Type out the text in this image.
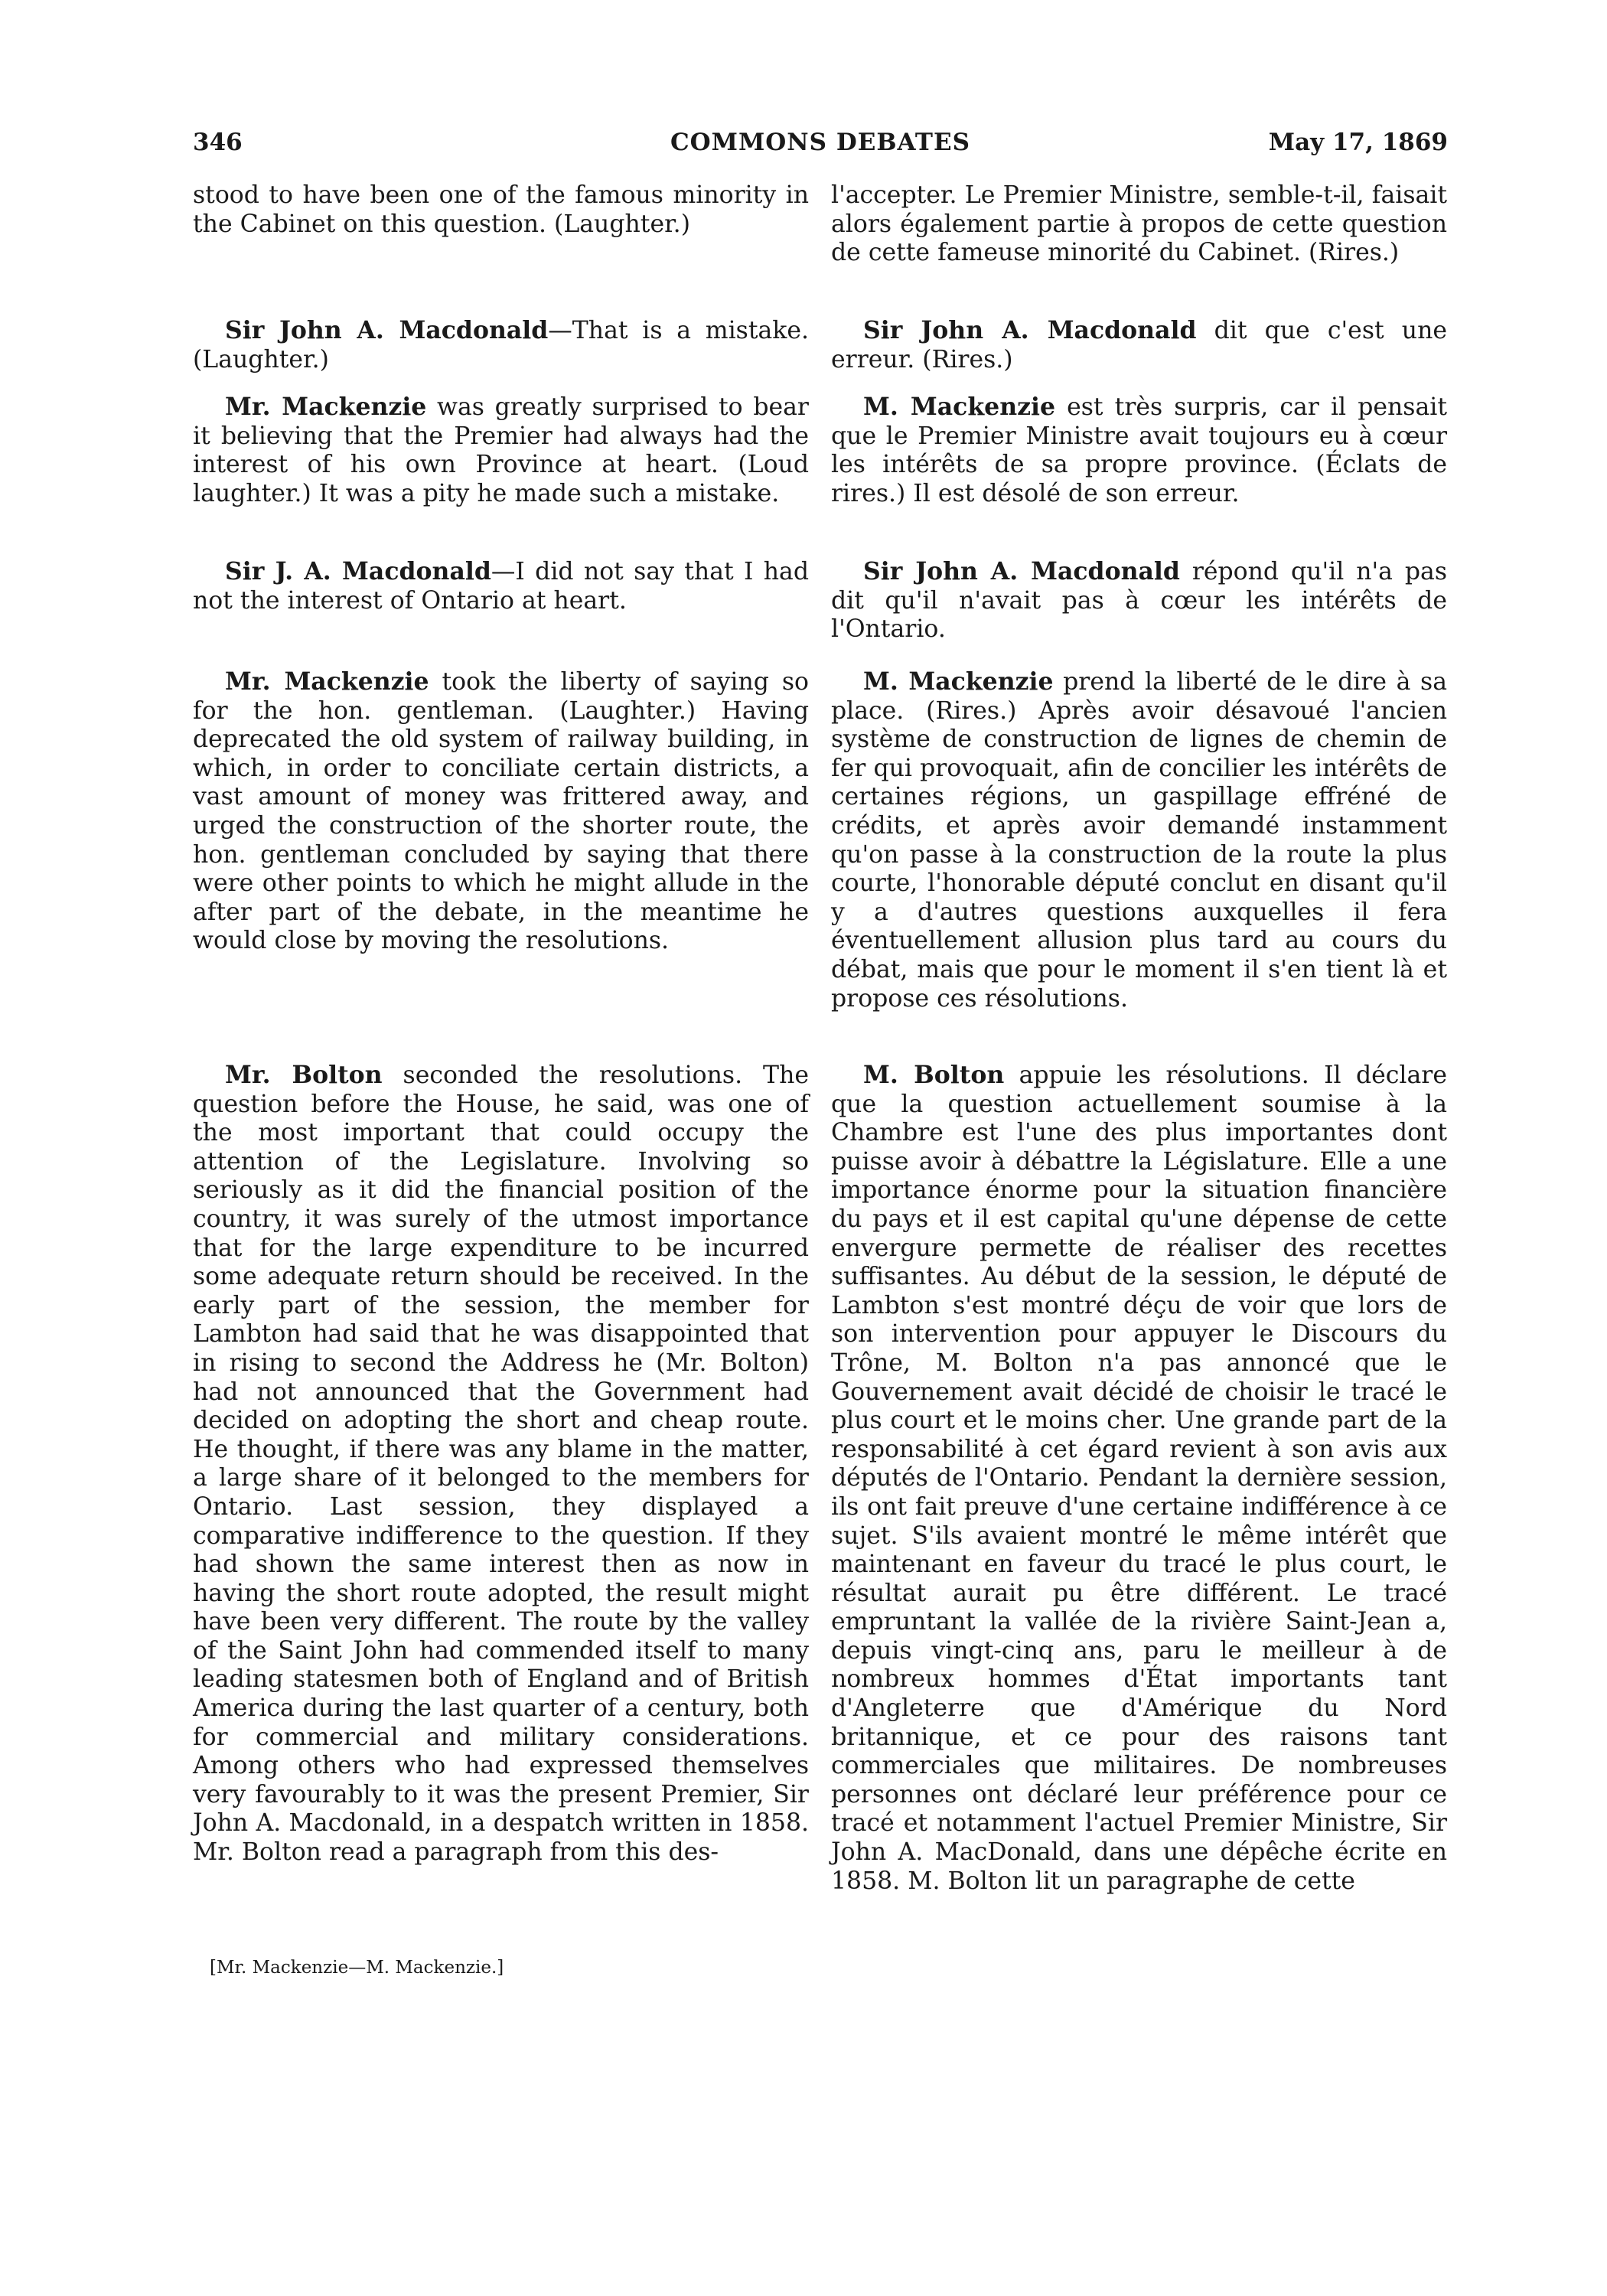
346	COMMONS DEBATES	May 17, 1869

stood to have been one of the famous minority in the Cabinet on this question. (Laughter.)

Sir John A. Macdonald—That is a mistake. (Laughter.)

Mr. Mackenzie was greatly surprised to bear it believing that the Premier had always had the interest of his own Province at heart. (Loud laughter.) It was a pity he made such a mistake.

Sir J. A. Macdonald—I did not say that I had not the interest of Ontario at heart.

Mr. Mackenzie took the liberty of saying so for the hon. gentleman. (Laughter.) Having deprecated the old system of railway building, in which, in order to conciliate certain districts, a vast amount of money was frittered away, and urged the construction of the shorter route, the hon. gentleman concluded by saying that there were other points to which he might allude in the after part of the debate, in the meantime he would close by moving the resolutions.

Mr. Bolton seconded the resolutions. The question before the House, he said, was one of the most important that could occupy the attention of the Legislature. Involving so seriously as it did the financial position of the country, it was surely of the utmost importance that for the large expenditure to be incurred some adequate return should be received. In the early part of the session, the member for Lambton had said that he was disappointed that in rising to second the Address he (Mr. Bolton) had not announced that the Government had decided on adopting the short and cheap route. He thought, if there was any blame in the matter, a large share of it belonged to the members for Ontario. Last session, they displayed a comparative indifference to the question. If they had shown the same interest then as now in having the short route adopted, the result might have been very different. The route by the valley of the Saint John had commended itself to many leading statesmen both of England and of British America during the last quarter of a century, both for commercial and military considerations. Among others who had expressed themselves very favourably to it was the present Premier, Sir John A. Macdonald, in a despatch written in 1858. Mr. Bolton read a paragraph from this des-

[Mr. Mackenzie—M. Mackenzie.]

l'accepter. Le Premier Ministre, semble-t-il, faisait alors également partie à propos de cette question de cette fameuse minorité du Cabinet. (Rires.)

Sir John A. Macdonald dit que c'est une erreur. (Rires.)

M. Mackenzie est très surpris, car il pensait que le Premier Ministre avait toujours eu à cœur les intérêts de sa propre province. (Éclats de rires.) Il est désolé de son erreur.

Sir John A. Macdonald répond qu'il n'a pas dit qu'il n'avait pas à cœur les intérêts de l'Ontario.

M. Mackenzie prend la liberté de le dire à sa place. (Rires.) Après avoir désavoué l'ancien système de construction de lignes de chemin de fer qui provoquait, afin de concilier les intérêts de certaines régions, un gaspillage effréné de crédits, et après avoir demandé instamment qu'on passe à la construction de la route la plus courte, l'honorable député conclut en disant qu'il y a d'autres questions auxquelles il fera éventuellement allusion plus tard au cours du débat, mais que pour le moment il s'en tient là et propose ces résolutions.

M. Bolton appuie les résolutions. Il déclare que la question actuellement soumise à la Chambre est l'une des plus importantes dont puisse avoir à débattre la Législature. Elle a une importance énorme pour la situation financière du pays et il est capital qu'une dépense de cette envergure permette de réaliser des recettes suffisantes. Au début de la session, le député de Lambton s'est montré déçu de voir que lors de son intervention pour appuyer le Discours du Trône, M. Bolton n'a pas annoncé que le Gouvernement avait décidé de choisir le tracé le plus court et le moins cher. Une grande part de la responsabilité à cet égard revient à son avis aux députés de l'Ontario. Pendant la dernière session, ils ont fait preuve d'une certaine indifférence à ce sujet. S'ils avaient montré le même intérêt que maintenant en faveur du tracé le plus court, le résultat aurait pu être différent. Le tracé empruntant la vallée de la rivière Saint-Jean a, depuis vingt-cinq ans, paru le meilleur à de nombreux hommes d'État importants tant d'Angleterre que d'Amérique du Nord britannique, et ce pour des raisons tant commerciales que militaires. De nombreuses personnes ont déclaré leur préférence pour ce tracé et notamment l'actuel Premier Ministre, Sir John A. MacDonald, dans une dépêche écrite en 1858. M. Bolton lit un paragraphe de cette
